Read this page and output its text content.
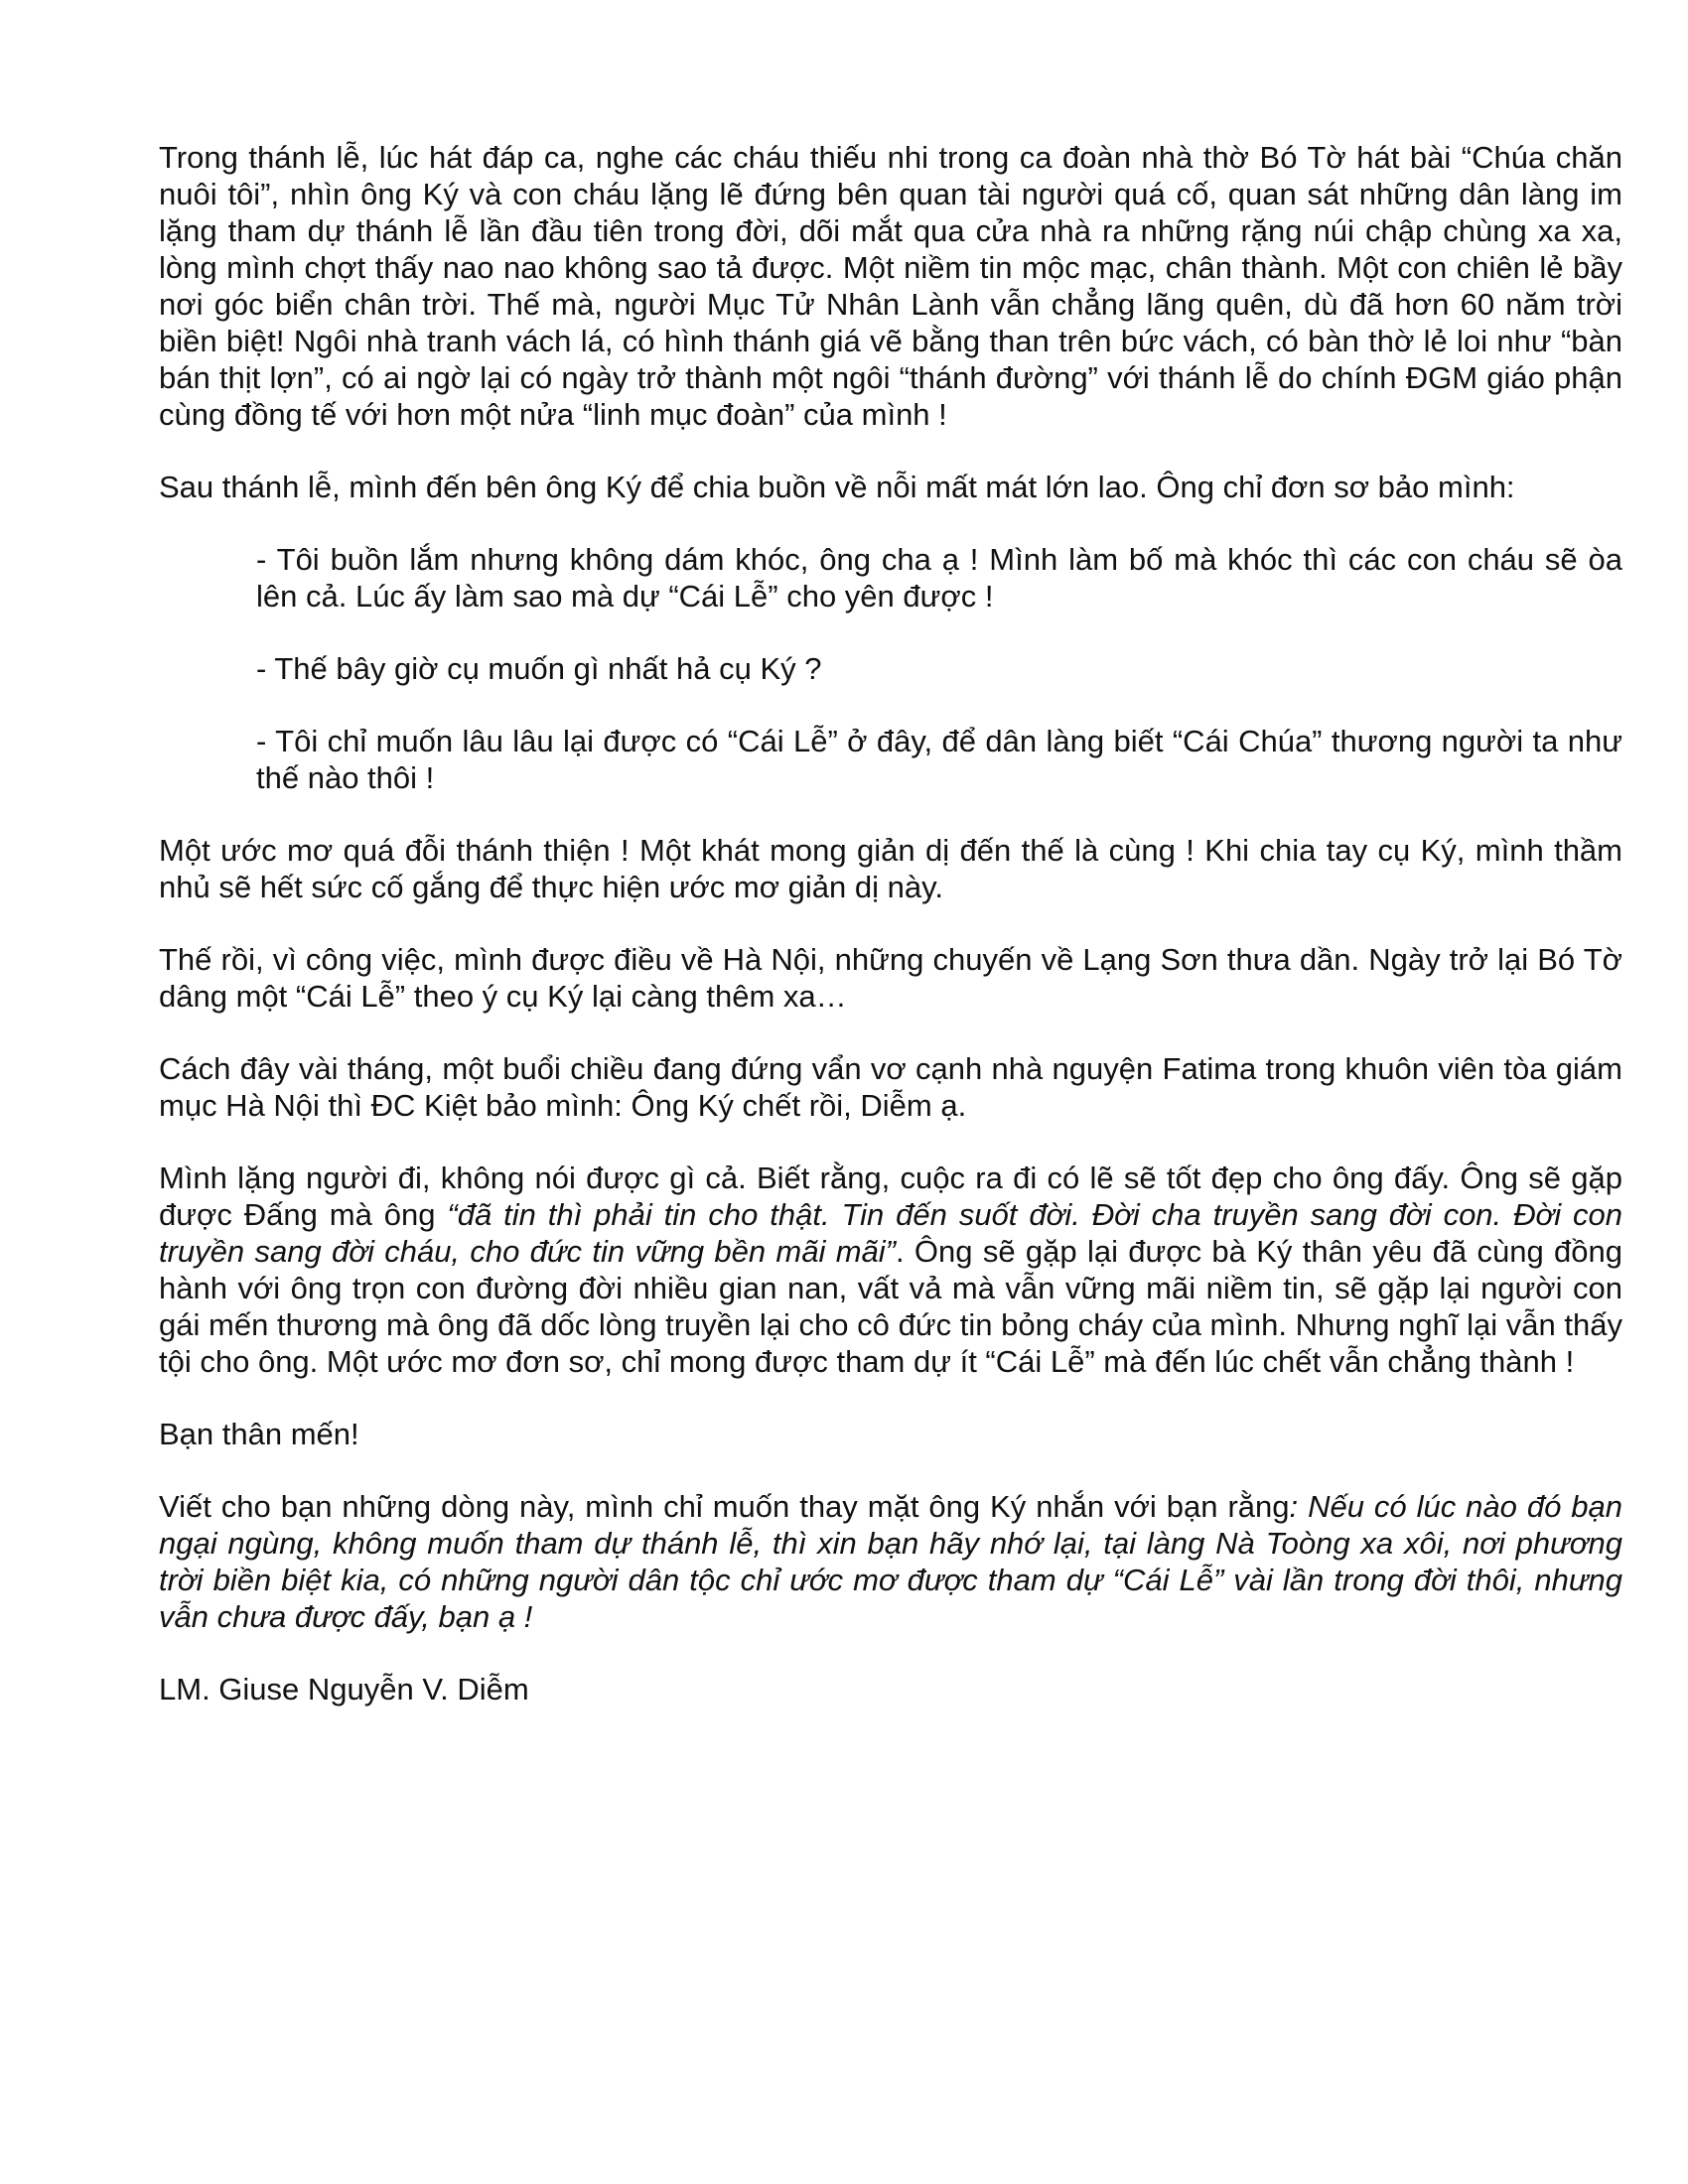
Trong thánh lễ, lúc hát đáp ca, nghe các cháu thiếu nhi trong ca đoàn nhà thờ Bó Tờ hát bài “Chúa chăn nuôi tôi”, nhìn ông Ký và con cháu lặng lẽ đứng bên quan tài người quá cố, quan sát những dân làng im lặng tham dự thánh lễ lần đầu tiên trong đời, dõi mắt qua cửa nhà ra những rặng núi chập chùng xa xa, lòng mình chợt thấy nao nao không sao tả được. Một niềm tin mộc mạc, chân thành. Một con chiên lẻ bầy nơi góc biển chân trời. Thế mà, người Mục Tử Nhân Lành vẫn chẳng lãng quên, dù đã hơn 60 năm trời biền biệt! Ngôi nhà tranh vách lá, có hình thánh giá vẽ bằng than trên bức vách, có bàn thờ lẻ loi như “bàn bán thịt lợn”, có ai ngờ lại có ngày trở thành một ngôi “thánh đường” với thánh lễ do chính ĐGM giáo phận cùng đồng tế với hơn một nửa “linh mục đoàn” của mình !

Sau thánh lễ, mình đến bên ông Ký để chia buồn về nỗi mất mát lớn lao. Ông chỉ đơn sơ bảo mình:

- Tôi buồn lắm nhưng không dám khóc, ông cha ạ ! Mình làm bố mà khóc thì các con cháu sẽ òa lên cả. Lúc ấy làm sao mà dự “Cái Lễ” cho yên được !

- Thế bây giờ cụ muốn gì nhất hả cụ Ký ?

- Tôi chỉ muốn lâu lâu lại được có “Cái Lễ” ở đây, để dân làng biết “Cái Chúa” thương người ta như thế nào thôi !

Một ước mơ quá đỗi thánh thiện ! Một khát mong giản dị đến thế là cùng ! Khi chia tay cụ Ký, mình thầm nhủ sẽ hết sức cố gắng để thực hiện ước mơ giản dị này.

Thế rồi, vì công việc, mình được điều về Hà Nội, những chuyến về Lạng Sơn thưa dần. Ngày trở lại Bó Tờ dâng một “Cái Lễ” theo ý cụ Ký lại càng thêm xa…

Cách đây vài tháng, một buổi chiều đang đứng vẩn vơ cạnh nhà nguyện Fatima trong khuôn viên tòa giám mục Hà Nội thì ĐC Kiệt bảo mình: Ông Ký chết rồi, Diễm ạ.

Mình lặng người đi, không nói được gì cả. Biết rằng, cuộc ra đi có lẽ sẽ tốt đẹp cho ông đấy. Ông sẽ gặp được Đấng mà ông “đã tin thì phải tin cho thật. Tin đến suốt đời. Đời cha truyền sang đời con. Đời con truyền sang đời cháu, cho đức tin vững bền mãi mãi”. Ông sẽ gặp lại được bà Ký thân yêu đã cùng đồng hành với ông trọn con đường đời nhiều gian nan, vất vả mà vẫn vững mãi niềm tin, sẽ gặp lại người con gái mến thương mà ông đã dốc lòng truyền lại cho cô đức tin bỏng cháy của mình. Nhưng nghĩ lại vẫn thấy tội cho ông. Một ước mơ đơn sơ, chỉ mong được tham dự ít “Cái Lễ” mà đến lúc chết vẫn chẳng thành !

Bạn thân mến!

Viết cho bạn những dòng này, mình chỉ muốn thay mặt ông Ký nhắn với bạn rằng: Nếu có lúc nào đó bạn ngại ngùng, không muốn tham dự thánh lễ, thì xin bạn hãy nhớ lại, tại làng Nà Toòng xa xôi, nơi phương trời biền biệt kia, có những người dân tộc chỉ ước mơ được tham dự “Cái Lễ” vài lần trong đời thôi, nhưng vẫn chưa được đấy, bạn ạ !

LM. Giuse Nguyễn V. Diễm
